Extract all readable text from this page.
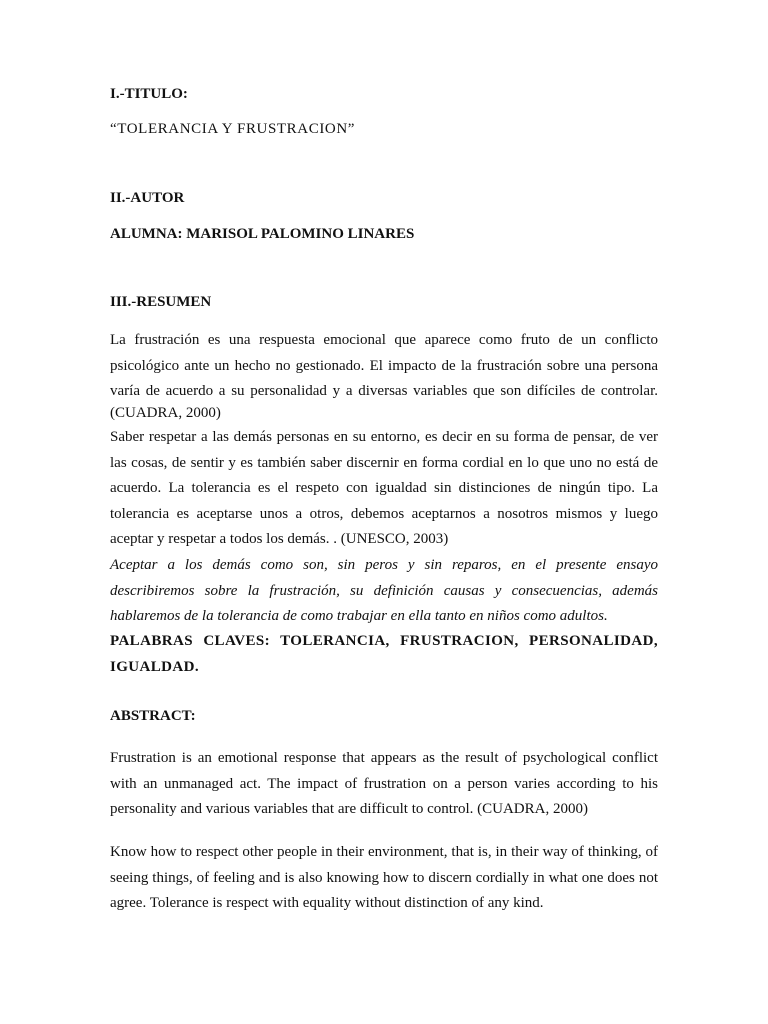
I.-TITULO:
“TOLERANCIA Y FRUSTRACION”
II.-AUTOR
ALUMNA: MARISOL PALOMINO LINARES
III.-RESUMEN
La frustración es una respuesta emocional que aparece como fruto de un conflicto psicológico ante un hecho no gestionado. El impacto de la frustración sobre una persona varía de acuerdo a su personalidad y a diversas variables que son difíciles de controlar.
(CUADRA, 2000)
Saber respetar a las demás personas en su entorno, es decir en su forma de pensar, de ver las cosas, de sentir y es también saber discernir en forma cordial en lo que uno no está de acuerdo. La tolerancia es el respeto con igualdad sin distinciones de ningún tipo. La tolerancia es aceptarse unos a otros, debemos aceptarnos a nosotros mismos y luego aceptar y respetar a todos los demás. . (UNESCO, 2003)
Aceptar a los demás como son, sin peros y sin reparos, en el presente ensayo describiremos sobre la frustración, su definición causas y consecuencias, además hablaremos de la tolerancia de como trabajar en ella tanto en niños como adultos.
PALABRAS CLAVES: TOLERANCIA, FRUSTRACION, PERSONALIDAD, IGUALDAD.
ABSTRACT:
Frustration is an emotional response that appears as the result of psychological conflict with an unmanaged act. The impact of frustration on a person varies according to his personality and various variables that are difficult to control. (CUADRA, 2000)
Know how to respect other people in their environment, that is, in their way of thinking, of seeing things, of feeling and is also knowing how to discern cordially in what one does not agree. Tolerance is respect with equality without distinction of any kind.
